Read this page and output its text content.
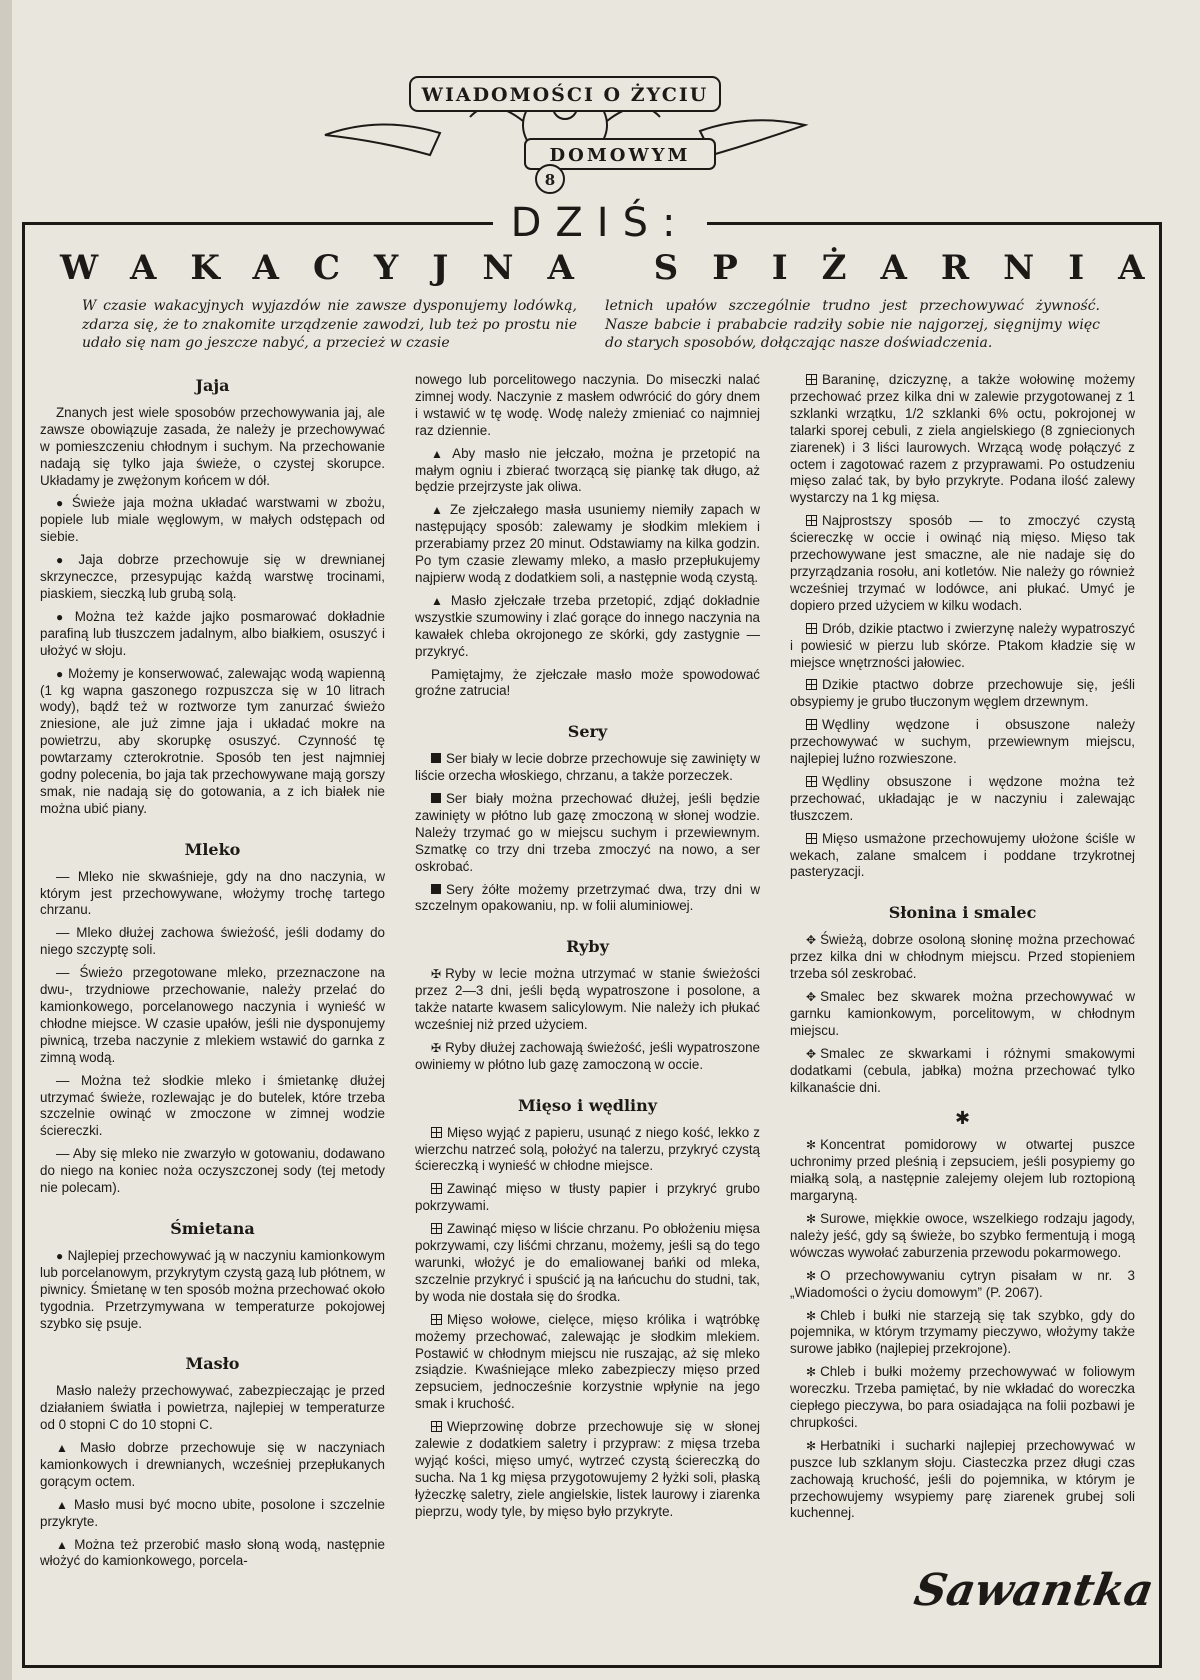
WIADOMOŚCI O ŻYCIU
DOMOWYM
8
DZIŚ:
WAKACYJNA SPIŻARNIA
W czasie wakacyjnych wyjazdów nie zawsze dysponujemy lodówką, zdarza się, że to znakomite urządzenie zawodzi, lub też po prostu nie udało się nam go jeszcze nabyć, a przecież w czasie
letnich upałów szczególnie trudno jest przechowywać żywność. Nasze babcie i prababcie radziły sobie nie najgorzej, sięgnijmy więc do starych sposobów, dołączając nasze doświadczenia.
Jaja

Znanych jest wiele sposobów przechowywania jaj, ale zawsze obowiązuje zasada, że należy je przechowywać w pomieszczeniu chłodnym i suchym. Na przechowanie nadają się tylko jaja świeże, o czystej skorupce. Układamy je zwężonym końcem w dół.

● Świeże jaja można układać warstwami w zbożu, popiele lub miale węglowym, w małych odstępach od siebie.

● Jaja dobrze przechowuje się w drewnianej skrzyneczce, przesypując każdą warstwę trocinami, piaskiem, sieczką lub grubą solą.

● Można też każde jajko posmarować dokładnie parafiną lub tłuszczem jadalnym, albo białkiem, osuszyć i ułożyć w słoju.

● Możemy je konserwować, zalewając wodą wapienną (1 kg wapna gaszonego rozpuszcza się w 10 litrach wody), bądź też w roztworze tym zanurzać świeżo zniesione, ale już zimne jaja i układać mokre na powietrzu, aby skorupkę osuszyć. Czynność tę powtarzamy czterokrotnie. Sposób ten jest najmniej godny polecenia, bo jaja tak przechowywane mają gorszy smak, nie nadają się do gotowania, a z ich białek nie można ubić piany.

Mleko

— Mleko nie skwaśnieje, gdy na dno naczynia, w którym jest przechowywane, włożymy trochę tartego chrzanu.

— Mleko dłużej zachowa świeżość, jeśli dodamy do niego szczyptę soli.

— Świeżo przegotowane mleko, przeznaczone na dwu-, trzydniowe przechowanie, należy przelać do kamionkowego, porcelanowego naczynia i wynieść w chłodne miejsce. W czasie upałów, jeśli nie dysponujemy piwnicą, trzeba naczynie z mlekiem wstawić do garnka z zimną wodą.

— Można też słodkie mleko i śmietankę dłużej utrzymać świeże, rozlewając je do butelek, które trzeba szczelnie owinąć w zmoczone w zimnej wodzie ściereczki.

— Aby się mleko nie zwarzyło w gotowaniu, dodawano do niego na koniec noża oczyszczonej sody (tej metody nie polecam).

Śmietana

● Najlepiej przechowywać ją w naczyniu kamionkowym lub porcelanowym, przykrytym czystą gazą lub płótnem, w piwnicy. Śmietanę w ten sposób można przechować około tygodnia. Przetrzymywana w temperaturze pokojowej szybko się psuje.

Masło

Masło należy przechowywać, zabezpieczając je przed działaniem światła i powietrza, najlepiej w temperaturze od 0 stopni C do 10 stopni C.

▲ Masło dobrze przechowuje się w naczyniach kamionkowych i drewnianych, wcześniej przepłukanych gorącym octem.

▲ Masło musi być mocno ubite, posolone i szczelnie przykryte.

▲ Można też przerobić masło słoną wodą, następnie włożyć do kamionkowego, porcela-

nowego lub porcelitowego naczynia. Do miseczki nalać zimnej wody. Naczynie z masłem odwrócić do góry dnem i wstawić w tę wodę. Wodę należy zmieniać co najmniej raz dziennie.

▲ Aby masło nie jełczało, można je przetopić na małym ogniu i zbierać tworzącą się piankę tak długo, aż będzie przejrzyste jak oliwa.

▲ Ze zjełczałego masła usuniemy niemiły zapach w następujący sposób: zalewamy je słodkim mlekiem i przerabiamy przez 20 minut. Odstawiamy na kilka godzin. Po tym czasie zlewamy mleko, a masło przepłukujemy najpierw wodą z dodatkiem soli, a następnie wodą czystą.

▲ Masło zjełczałe trzeba przetopić, zdjąć dokładnie wszystkie szumowiny i zlać gorące do innego naczynia na kawałek chleba okrojonego ze skórki, gdy zastygnie — przykryć.

Pamiętajmy, że zjełczałe masło może spowodować groźne zatrucia!

Sery

Ser biały w lecie dobrze przechowuje się zawinięty w liście orzecha włoskiego, chrzanu, a także porzeczek.

Ser biały można przechować dłużej, jeśli będzie zawinięty w płótno lub gazę zmoczoną w słonej wodzie. Należy trzymać go w miejscu suchym i przewiewnym. Szmatkę co trzy dni trzeba zmoczyć na nowo, a ser oskrobać.

Sery żółte możemy przetrzymać dwa, trzy dni w szczelnym opakowaniu, np. w folii aluminiowej.

Ryby

✠ Ryby w lecie można utrzymać w stanie świeżości przez 2—3 dni, jeśli będą wypatroszone i posolone, a także natarte kwasem salicylowym. Nie należy ich płukać wcześniej niż przed użyciem.

✠ Ryby dłużej zachowają świeżość, jeśli wypatroszone owiniemy w płótno lub gazę zamoczoną w occie.

Mięso i wędliny

Mięso wyjąć z papieru, usunąć z niego kość, lekko z wierzchu natrzeć solą, położyć na talerzu, przykryć czystą ściereczką i wynieść w chłodne miejsce.

Zawinąć mięso w tłusty papier i przykryć grubo pokrzywami.

Zawinąć mięso w liście chrzanu. Po obłożeniu mięsa pokrzywami, czy liśćmi chrzanu, możemy, jeśli są do tego warunki, włożyć je do emaliowanej bańki od mleka, szczelnie przykryć i spuścić ją na łańcuchu do studni, tak, by woda nie dostała się do środka.

Mięso wołowe, cielęce, mięso królika i wątróbkę możemy przechować, zalewając je słodkim mlekiem. Postawić w chłodnym miejscu nie ruszając, aż się mleko zsiądzie. Kwaśniejące mleko zabezpieczy mięso przed zepsuciem, jednocześnie korzystnie wpłynie na jego smak i kruchość.

Wieprzowinę dobrze przechowuje się w słonej zalewie z dodatkiem saletry i przypraw: z mięsa trzeba wyjąć kości, mięso umyć, wytrzeć czystą ściereczką do sucha. Na 1 kg mięsa przygotowujemy 2 łyżki soli, płaską łyżeczkę saletry, ziele angielskie, listek laurowy i ziarenka pieprzu, wody tyle, by mięso było przykryte.

Baraninę, dziczyznę, a także wołowinę możemy przechować przez kilka dni w zalewie przygotowanej z 1 szklanki wrzątku, 1/2 szklanki 6% octu, pokrojonej w talarki sporej cebuli, z ziela angielskiego (8 zgniecionych ziarenek) i 3 liści laurowych. Wrzącą wodę połączyć z octem i zagotować razem z przyprawami. Po ostudzeniu mięso zalać tak, by było przykryte. Podana ilość zalewy wystarczy na 1 kg mięsa.

Najprostszy sposób — to zmoczyć czystą ściereczkę w occie i owinąć nią mięso. Mięso tak przechowywane jest smaczne, ale nie nadaje się do przyrządzania rosołu, ani kotletów. Nie należy go również wcześniej trzymać w lodówce, ani płukać. Umyć je dopiero przed użyciem w kilku wodach.

Drób, dzikie ptactwo i zwierzynę należy wypatroszyć i powiesić w pierzu lub skórze. Ptakom kładzie się w miejsce wnętrzności jałowiec.

Dzikie ptactwo dobrze przechowuje się, jeśli obsypiemy je grubo tłuczonym węglem drzewnym.

Wędliny wędzone i obsuszone należy przechowywać w suchym, przewiewnym miejscu, najlepiej luźno rozwieszone.

Wędliny obsuszone i wędzone można też przechować, układając je w naczyniu i zalewając tłuszczem.

Mięso usmażone przechowujemy ułożone ściśle w wekach, zalane smalcem i poddane trzykrotnej pasteryzacji.

Słonina i smalec

✥ Świeżą, dobrze osoloną słoninę można przechować przez kilka dni w chłodnym miejscu. Przed stopieniem trzeba sól zeskrobać.

✥ Smalec bez skwarek można przechowywać w garnku kamionkowym, porcelitowym, w chłodnym miejscu.

✥ Smalec ze skwarkami i różnymi smakowymi dodatkami (cebula, jabłka) można przechować tylko kilkanaście dni.

✱

✻ Koncentrat pomidorowy w otwartej puszce uchronimy przed pleśnią i zepsuciem, jeśli posypiemy go miałką solą, a następnie zalejemy olejem lub roztopioną margaryną.

✻ Surowe, miękkie owoce, wszelkiego rodzaju jagody, należy jeść, gdy są świeże, bo szybko fermentują i mogą wówczas wywołać zaburzenia przewodu pokarmowego.

✻ O przechowywaniu cytryn pisałam w nr. 3 „Wiadomości o życiu domowym” (P. 2067).

✻ Chleb i bułki nie starzeją się tak szybko, gdy do pojemnika, w którym trzymamy pieczywo, włożymy także surowe jabłko (najlepiej przekrojone).

✻ Chleb i bułki możemy przechowywać w foliowym woreczku. Trzeba pamiętać, by nie wkładać do woreczka ciepłego pieczywa, bo para osiadająca na folii pozbawi je chrupkości.

✻ Herbatniki i sucharki najlepiej przechowywać w puszce lub szklanym słoju. Ciasteczka przez długi czas zachowają kruchość, jeśli do pojemnika, w którym je przechowujemy wsypiemy parę ziarenek grubej soli kuchennej.

Sawantka
